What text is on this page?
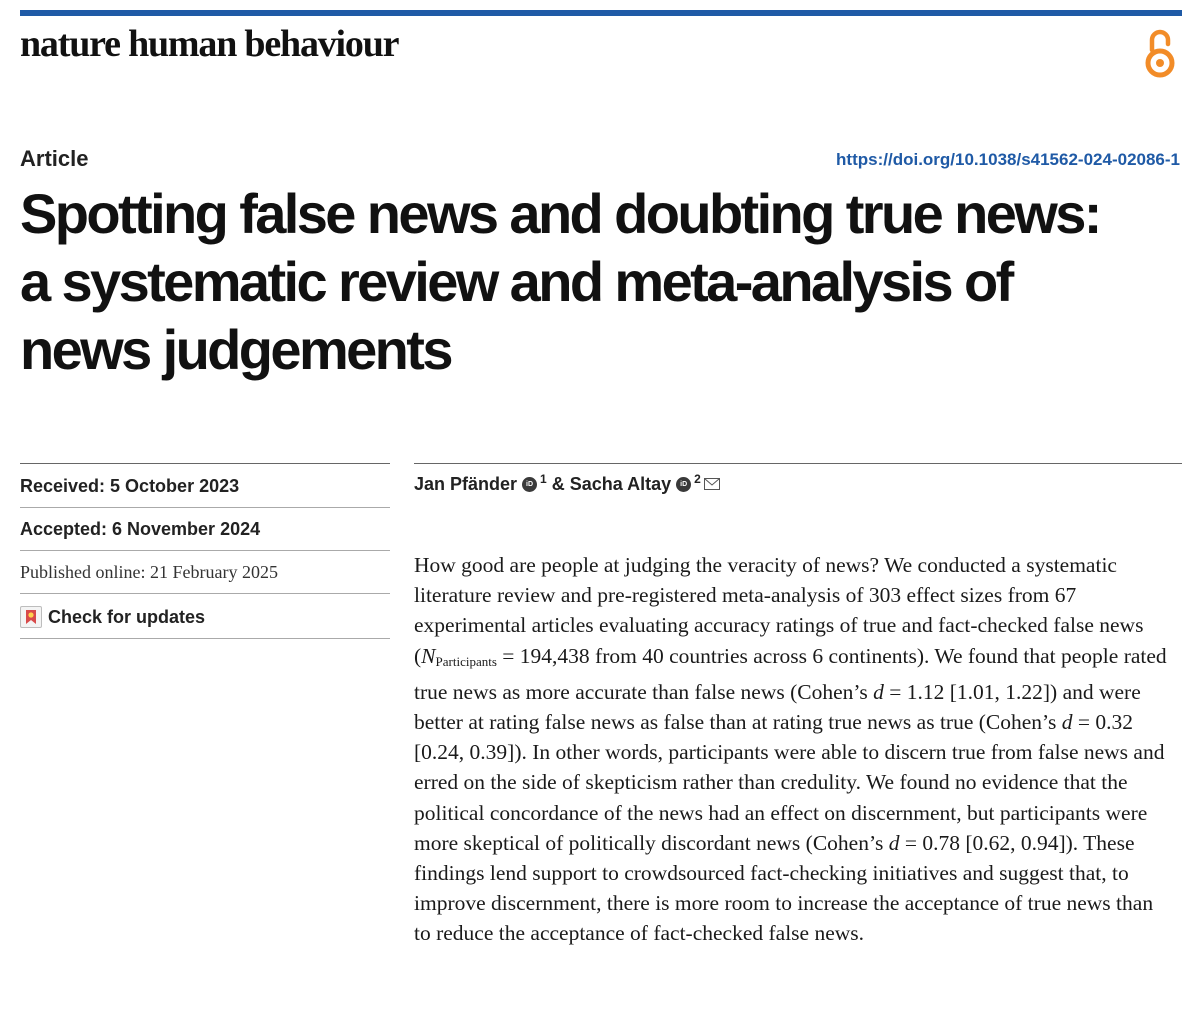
nature human behaviour
Article	https://doi.org/10.1038/s41562-024-02086-1
Spotting false news and doubting true news:
a systematic review and meta-analysis of
news judgements
Received: 5 October 2023
Accepted: 6 November 2024
Published online: 21 February 2025
Check for updates
Jan Pfänder	iD 1 & Sacha Altay	iD 2

How good are people at judging the veracity of news? We conducted a systematic literature review and pre-registered meta-analysis of 303 effect sizes from 67 experimental articles evaluating accuracy ratings of true and fact-checked false news ($N_{Participants} = 194,438$ from 40 countries across 6 continents). We found that people rated true news as more accurate than false news (Cohen’s d = 1.12 [1.01, 1.22]) and were better at rating false news as false than at rating true news as true (Cohen’s d = 0.32 [0.24, 0.39]). In other words, participants were able to discern true from false news and erred on the side of skepticism rather than credulity. We found no evidence that the political concordance of the news had an effect on discernment, but participants were more skeptical of politically discordant news (Cohen’s d = 0.78 [0.62, 0.94]). These findings lend support to crowdsourced fact-checking initiatives and suggest that, to improve discernment, there is more room to increase the acceptance of true news than to reduce the acceptance of fact-checked false news.
